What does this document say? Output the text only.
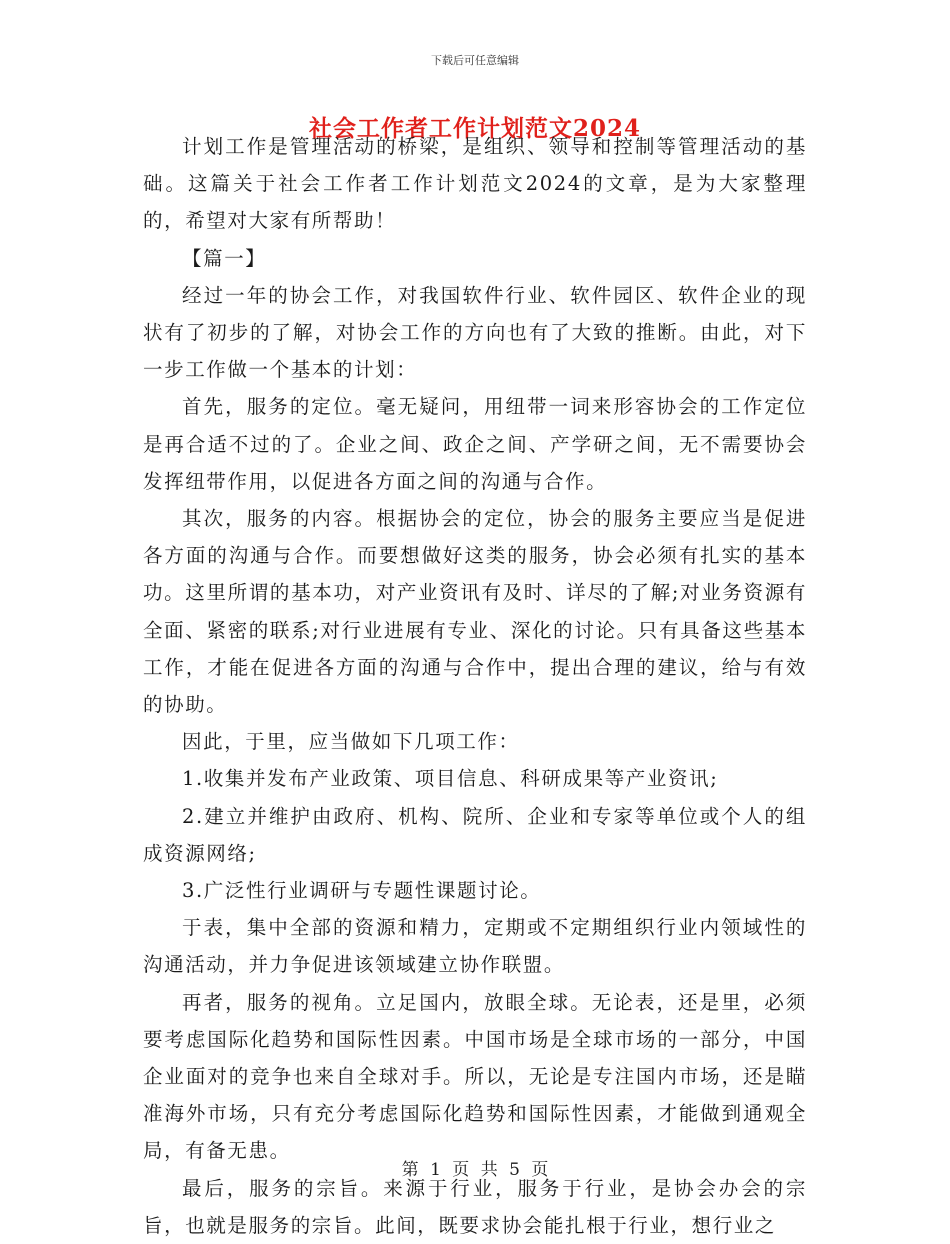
下载后可任意编辑
社会工作者工作计划范文2024

计划工作是管理活动的桥梁，是组织、领导和控制等管理活动的基础。这篇关于社会工作者工作计划范文2024的文章，是为大家整理的，希望对大家有所帮助！

【篇一】

经过一年的协会工作，对我国软件行业、软件园区、软件企业的现状有了初步的了解，对协会工作的方向也有了大致的推断。由此，对下一步工作做一个基本的计划：

首先，服务的定位。毫无疑问，用纽带一词来形容协会的工作定位是再合适不过的了。企业之间、政企之间、产学研之间，无不需要协会发挥纽带作用，以促进各方面之间的沟通与合作。

其次，服务的内容。根据协会的定位，协会的服务主要应当是促进各方面的沟通与合作。而要想做好这类的服务，协会必须有扎实的基本功。这里所谓的基本功，对产业资讯有及时、详尽的了解;对业务资源有全面、紧密的联系;对行业进展有专业、深化的讨论。只有具备这些基本工作，才能在促进各方面的沟通与合作中，提出合理的建议，给与有效的协助。

因此，于里，应当做如下几项工作：

1.收集并发布产业政策、项目信息、科研成果等产业资讯;

2.建立并维护由政府、机构、院所、企业和专家等单位或个人的组成资源网络;

3.广泛性行业调研与专题性课题讨论。

于表，集中全部的资源和精力，定期或不定期组织行业内领域性的沟通活动，并力争促进该领域建立协作联盟。

再者，服务的视角。立足国内，放眼全球。无论表，还是里，必须要考虑国际化趋势和国际性因素。中国市场是全球市场的一部分，中国企业面对的竞争也来自全球对手。所以，无论是专注国内市场，还是瞄准海外市场，只有充分考虑国际化趋势和国际性因素，才能做到通观全局，有备无患。

最后，服务的宗旨。来源于行业，服务于行业，是协会办会的宗旨，也就是服务的宗旨。此间，既要求协会能扎根于行业，想行业之

第 1 页 共 5 页
